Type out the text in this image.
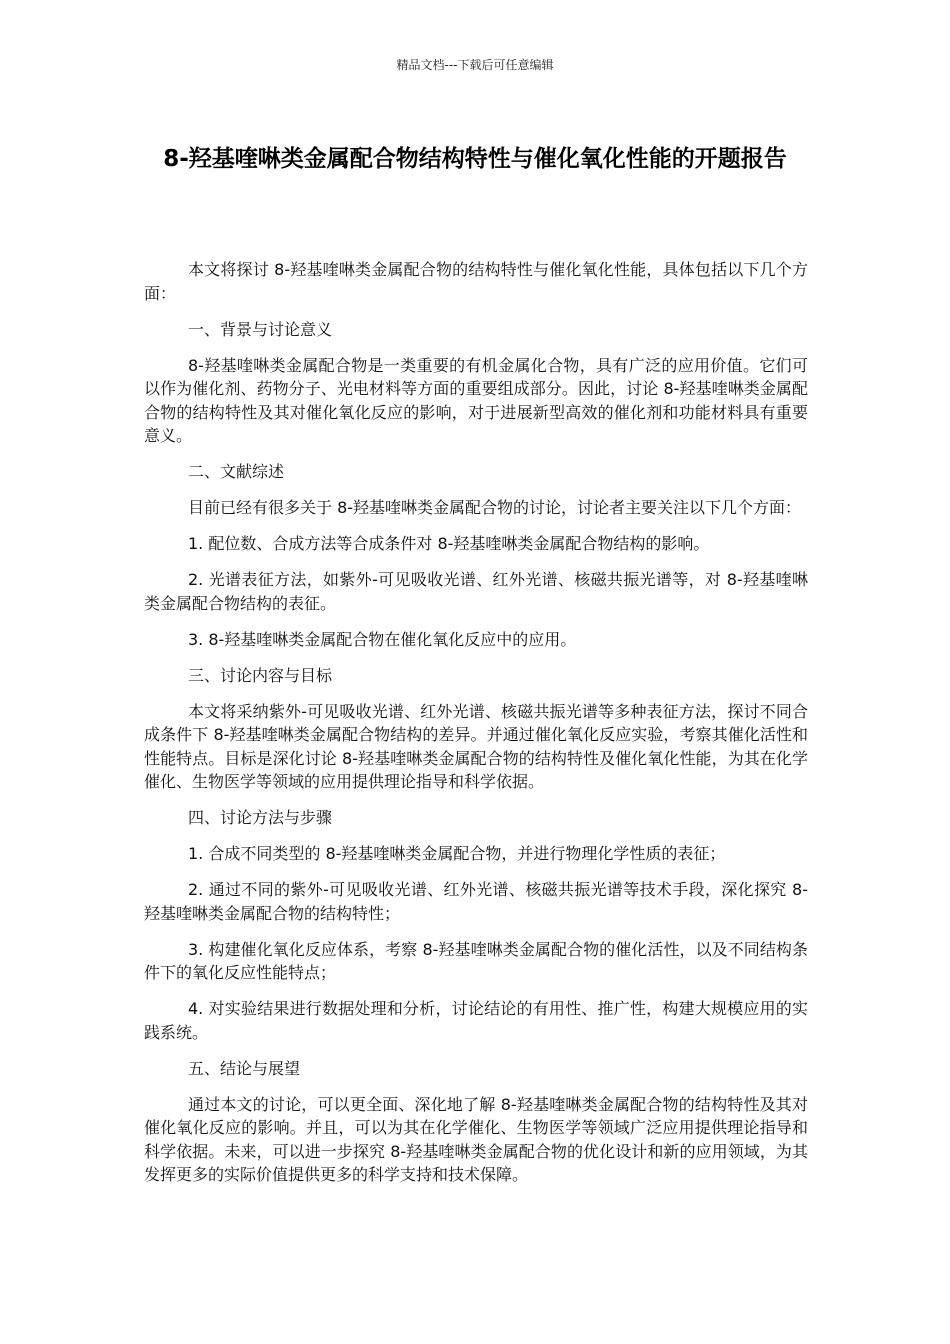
精品文档---下载后可任意编辑
8-羟基喹啉类金属配合物结构特性与催化氧化性能的开题报告

本文将探讨 8-羟基喹啉类金属配合物的结构特性与催化氧化性能，具体包括以下几个方面：

一、背景与讨论意义

8-羟基喹啉类金属配合物是一类重要的有机金属化合物，具有广泛的应用价值。它们可以作为催化剂、药物分子、光电材料等方面的重要组成部分。因此，讨论 8-羟基喹啉类金属配合物的结构特性及其对催化氧化反应的影响，对于进展新型高效的催化剂和功能材料具有重要意义。

二、文献综述

目前已经有很多关于 8-羟基喹啉类金属配合物的讨论，讨论者主要关注以下几个方面：

1. 配位数、合成方法等合成条件对 8-羟基喹啉类金属配合物结构的影响。

2. 光谱表征方法，如紫外-可见吸收光谱、红外光谱、核磁共振光谱等，对 8-羟基喹啉类金属配合物结构的表征。

3. 8-羟基喹啉类金属配合物在催化氧化反应中的应用。

三、讨论内容与目标

本文将采纳紫外-可见吸收光谱、红外光谱、核磁共振光谱等多种表征方法，探讨不同合成条件下 8-羟基喹啉类金属配合物结构的差异。并通过催化氧化反应实验，考察其催化活性和性能特点。目标是深化讨论 8-羟基喹啉类金属配合物的结构特性及催化氧化性能，为其在化学催化、生物医学等领域的应用提供理论指导和科学依据。

四、讨论方法与步骤

1. 合成不同类型的 8-羟基喹啉类金属配合物，并进行物理化学性质的表征；

2. 通过不同的紫外-可见吸收光谱、红外光谱、核磁共振光谱等技术手段，深化探究 8-羟基喹啉类金属配合物的结构特性；

3. 构建催化氧化反应体系，考察 8-羟基喹啉类金属配合物的催化活性，以及不同结构条件下的氧化反应性能特点；

4. 对实验结果进行数据处理和分析，讨论结论的有用性、推广性，构建大规模应用的实践系统。

五、结论与展望

通过本文的讨论，可以更全面、深化地了解 8-羟基喹啉类金属配合物的结构特性及其对催化氧化反应的影响。并且，可以为其在化学催化、生物医学等领域广泛应用提供理论指导和科学依据。未来，可以进一步探究 8-羟基喹啉类金属配合物的优化设计和新的应用领域，为其发挥更多的实际价值提供更多的科学支持和技术保障。
